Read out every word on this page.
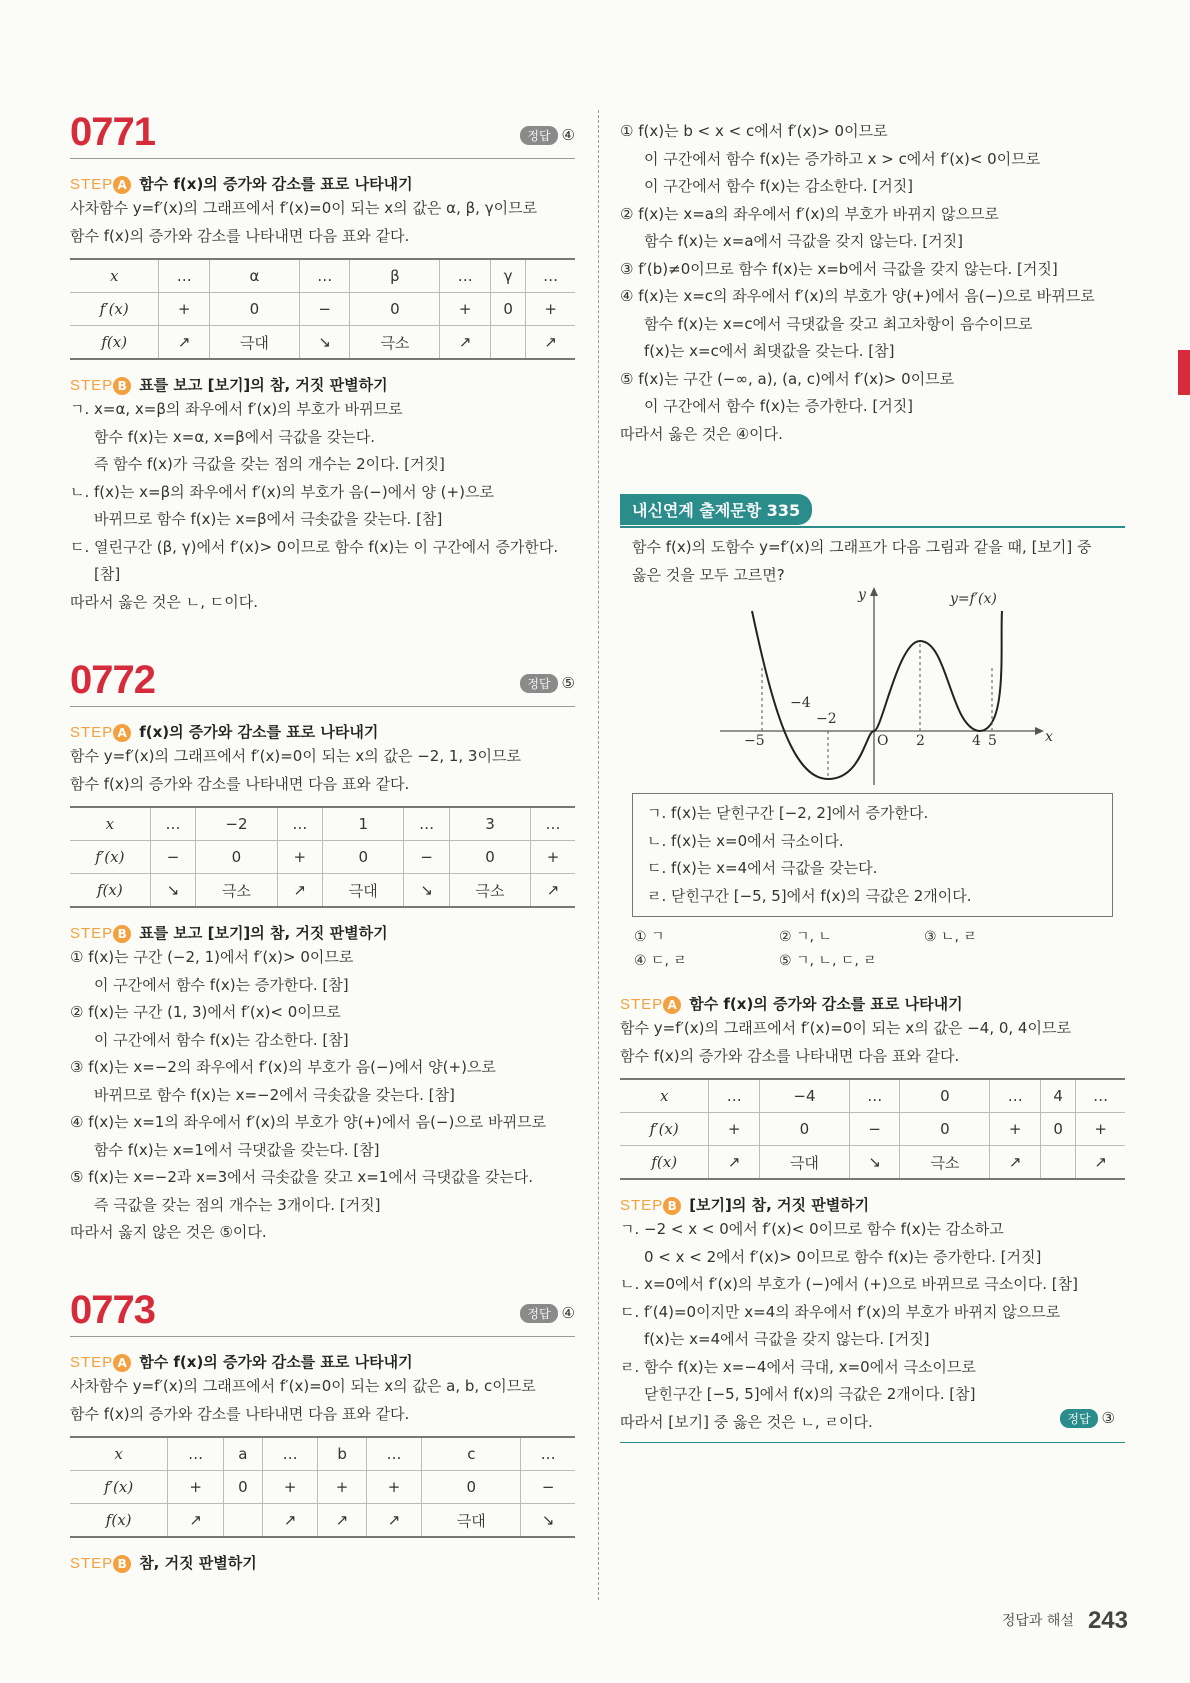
0771	정답 ④
STEP A 함수 f(x)의 증가와 감소를 표로 나타내기
사차함수 y=f′(x)의 그래프에서 f′(x)=0이 되는 x의 값은 α, β, γ이므로
함수 f(x)의 증가와 감소를 나타내면 다음 표와 같다.
x	…	α	…	β	…	γ	…
f′(x)	+	0	−	0	+	0	+
f(x)	↗	극대	↘	극소	↗		↗
STEP B 표를 보고 [보기]의 참, 거짓 판별하기
ㄱ. x=α, x=β의 좌우에서 f′(x)의 부호가 바뀌므로
함수 f(x)는 x=α, x=β에서 극값을 갖는다.
즉 함수 f(x)가 극값을 갖는 점의 개수는 2이다. [거짓]
ㄴ. f(x)는 x=β의 좌우에서 f′(x)의 부호가 음(−)에서 양 (+)으로
바뀌므로 함수 f(x)는 x=β에서 극솟값을 갖는다. [참]
ㄷ. 열린구간 (β, γ)에서 f′(x)> 0이므로 함수 f(x)는 이 구간에서 증가한다.
[참]
따라서 옳은 것은 ㄴ, ㄷ이다.
0772	정답 ⑤
STEP A f(x)의 증가와 감소를 표로 나타내기
함수 y=f′(x)의 그래프에서 f′(x)=0이 되는 x의 값은 −2, 1, 3이므로
함수 f(x)의 증가와 감소를 나타내면 다음 표와 같다.
x	…	−2	…	1	…	3	…
f′(x)	−	0	+	0	−	0	+
f(x)	↘	극소	↗	극대	↘	극소	↗
STEP B 표를 보고 [보기]의 참, 거짓 판별하기
① f(x)는 구간 (−2, 1)에서 f′(x)> 0이므로
이 구간에서 함수 f(x)는 증가한다. [참]
② f(x)는 구간 (1, 3)에서 f′(x)< 0이므로
이 구간에서 함수 f(x)는 감소한다. [참]
③ f(x)는 x=−2의 좌우에서 f′(x)의 부호가 음(−)에서 양(+)으로
바뀌므로 함수 f(x)는 x=−2에서 극솟값을 갖는다. [참]
④ f(x)는 x=1의 좌우에서 f′(x)의 부호가 양(+)에서 음(−)으로 바뀌므로
함수 f(x)는 x=1에서 극댓값을 갖는다. [참]
⑤ f(x)는 x=−2과 x=3에서 극솟값을 갖고 x=1에서 극댓값을 갖는다.
즉 극값을 갖는 점의 개수는 3개이다. [거짓]
따라서 옳지 않은 것은 ⑤이다.
0773	정답 ④
STEP A 함수 f(x)의 증가와 감소를 표로 나타내기
사차함수 y=f′(x)의 그래프에서 f′(x)=0이 되는 x의 값은 a, b, c이므로
함수 f(x)의 증가와 감소를 나타내면 다음 표와 같다.
x	…	a	…	b	…	c	…
f′(x)	+	0	+	+	+	0	−
f(x)	↗		↗	↗	↗	극대	↘
STEP B 참, 거짓 판별하기
① f(x)는 b < x < c에서 f′(x)> 0이므로
이 구간에서 함수 f(x)는 증가하고 x > c에서 f′(x)< 0이므로
이 구간에서 함수 f(x)는 감소한다. [거짓]
② f(x)는 x=a의 좌우에서 f′(x)의 부호가 바뀌지 않으므로
함수 f(x)는 x=a에서 극값을 갖지 않는다. [거짓]
③ f′(b)≠0이므로 함수 f(x)는 x=b에서 극값을 갖지 않는다. [거짓]
④ f(x)는 x=c의 좌우에서 f′(x)의 부호가 양(+)에서 음(−)으로 바뀌므로
함수 f(x)는 x=c에서 극댓값을 갖고 최고차항이 음수이므로
f(x)는 x=c에서 최댓값을 갖는다. [참]
⑤ f(x)는 구간 (−∞, a), (a, c)에서 f′(x)> 0이므로
이 구간에서 함수 f(x)는 증가한다. [거짓]
따라서 옳은 것은 ④이다.
내신연계 출제문항 335
함수 f(x)의 도함수 y=f′(x)의 그래프가 다음 그림과 같을 때, [보기] 중
옳은 것을 모두 고르면?
y
x
y=f′(x)
O
−5
−4
−2
2	4 5
ㄱ. f(x)는 닫힌구간 [−2, 2]에서 증가한다.
ㄴ. f(x)는 x=0에서 극소이다.
ㄷ. f(x)는 x=4에서 극값을 갖는다.
ㄹ. 닫힌구간 [−5, 5]에서 f(x)의 극값은 2개이다.
① ㄱ	② ㄱ, ㄴ	③ ㄴ, ㄹ
④ ㄷ, ㄹ	⑤ ㄱ, ㄴ, ㄷ, ㄹ
STEP A 함수 f(x)의 증가와 감소를 표로 나타내기
함수 y=f′(x)의 그래프에서 f′(x)=0이 되는 x의 값은 −4, 0, 4이므로
함수 f(x)의 증가와 감소를 나타내면 다음 표와 같다.
x	…	−4	…	0	…	4	…
f′(x)	+	0	−	0	+	0	+
f(x)	↗	극대	↘	극소	↗		↗
STEP B [보기]의 참, 거짓 판별하기
ㄱ. −2 < x < 0에서 f′(x)< 0이므로 함수 f(x)는 감소하고
0 < x < 2에서 f′(x)> 0이므로 함수 f(x)는 증가한다. [거짓]
ㄴ. x=0에서 f′(x)의 부호가 (−)에서 (+)으로 바뀌므로 극소이다. [참]
ㄷ. f′(4)=0이지만 x=4의 좌우에서 f′(x)의 부호가 바뀌지 않으므로
f(x)는 x=4에서 극값을 갖지 않는다. [거짓]
ㄹ. 함수 f(x)는 x=−4에서 극대, x=0에서 극소이므로
닫힌구간 [−5, 5]에서 f(x)의 극값은 2개이다. [참]
따라서 [보기] 중 옳은 것은 ㄴ, ㄹ이다.	정답 ③
정답과 해설 243
